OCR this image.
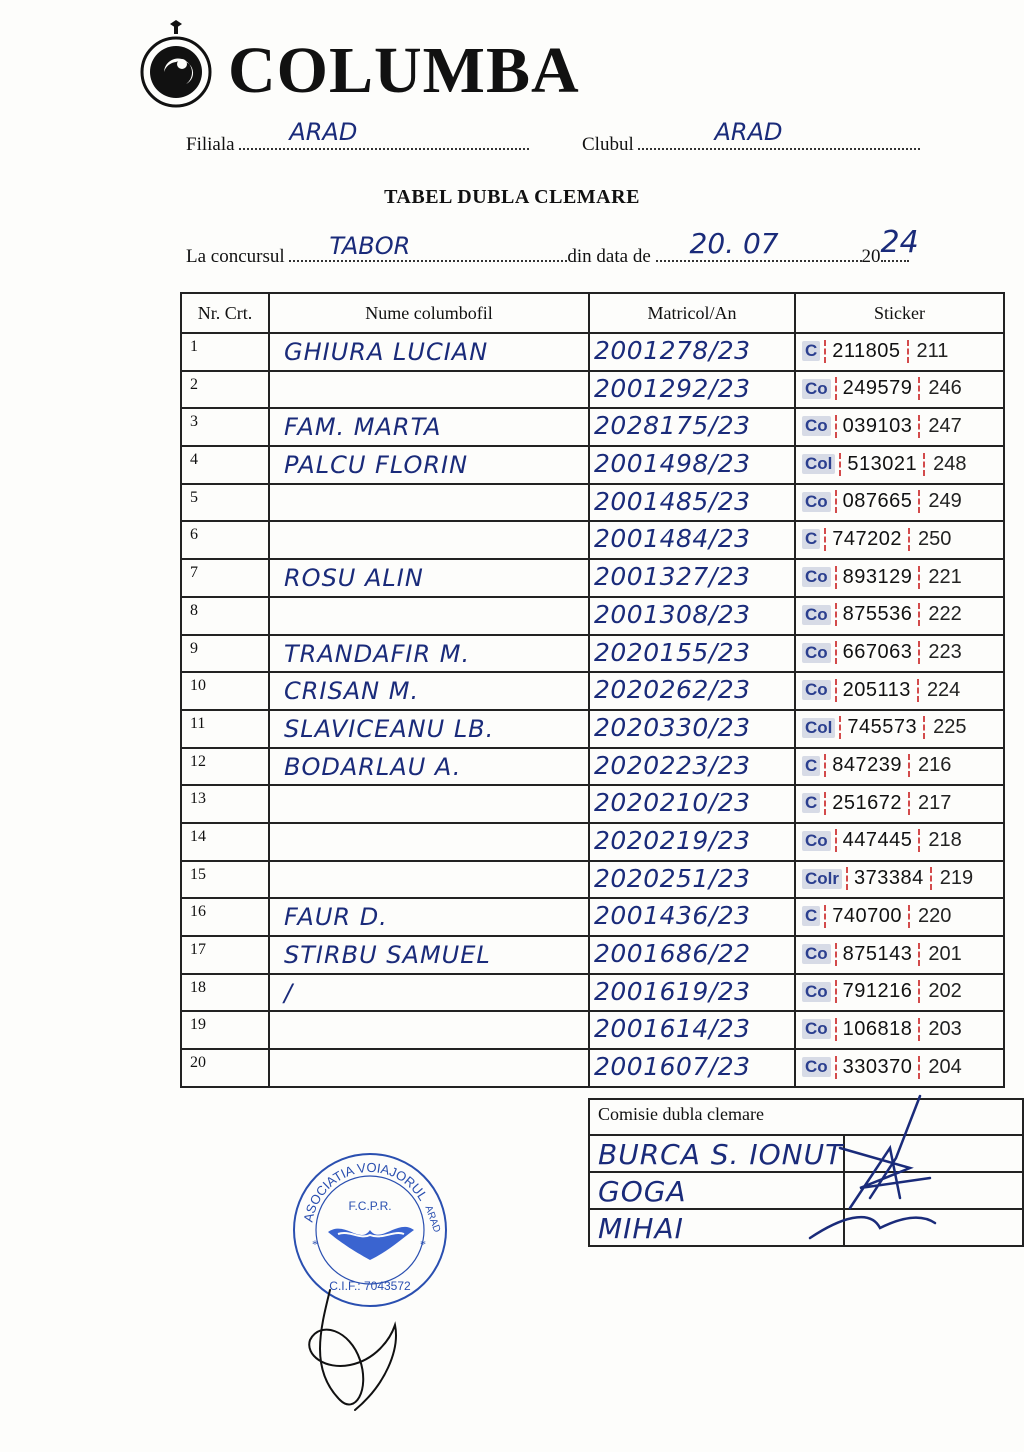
COLUMBA
Filiala ARAD	Clubul	ARAD
TABEL DUBLA CLEMARE
La concursul TABOR	din data de 20. 07	20 24
Nr. Crt.	Nume columbofil	Matricol/An	Sticker
1	GHIURA LUCIAN	2001278/23	C 211805 211

2		2001292/23	Co 249579 246

3	FAM. MARTA	2028175/23	Co 039103 247

4	PALCU FLORIN	2001498/23	Col 513021 248

5		2001485/23	Co 087665 249

6		2001484/23	C 747202 250

7	ROSU ALIN	2001327/23	Co 893129 221

8		2001308/23	Co 875536 222

9	TRANDAFIR M.	2020155/23	Co 667063 223

10	CRISAN M.	2020262/23	Co 205113 224

11	SLAVICEANU LB.	2020330/23	Col 745573 225

12	BODARLAU A.	2020223/23	C 847239 216

13		2020210/23	C 251672 217

14		2020219/23	Co 447445 218

15		2020251/23	Colr 373384 219

16	FAUR D.	2001436/23	C 740700 220

17	STIRBU SAMUEL	2001686/22	Co 875143 201

18	/	2001619/23	Co 791216 202

19		2001614/23	Co 106818 203

20		2001607/23	Co 330370 204
Comisie dubla clemare	

BURCA S. IONUT	

GOGA	

MIHAI	

ASOCIATIA VOIAJORUL
F.C.P.R.	ARAD
*	*
C.I.F.: 7043572
